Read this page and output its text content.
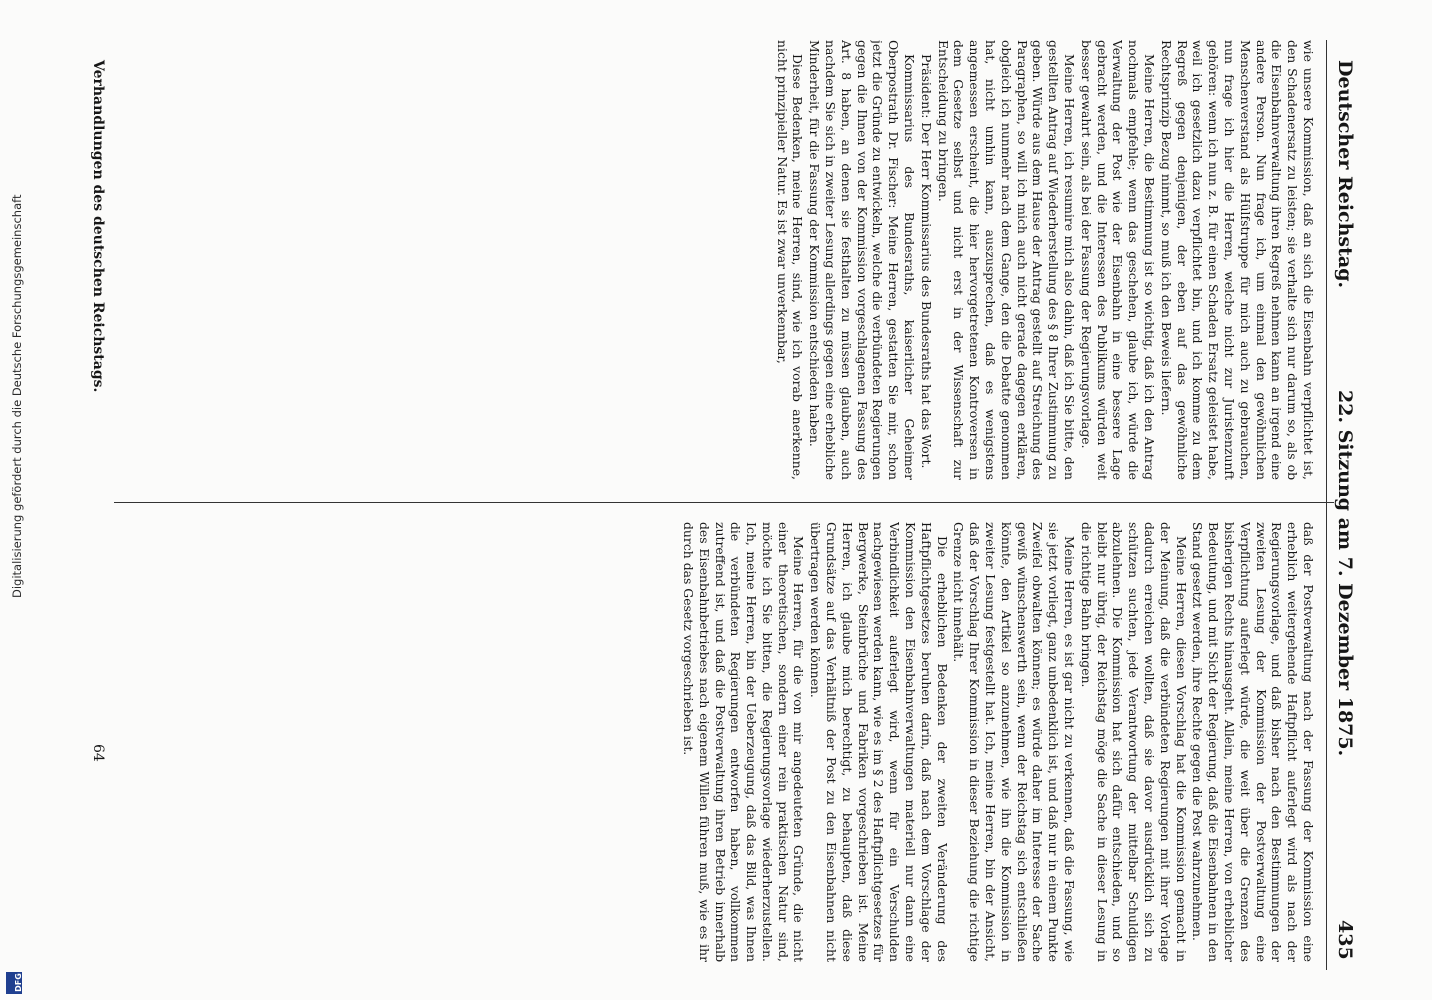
Deutscher Reichstag.
22. Sitzung am 7. Dezember 1875.
435

wie unsere Kommission, daß an sich die Eisenbahn verpflichtet ist, den Schadenersatz zu leisten; sie verhalte sich nur darum so, als ob die Eisenbahnverwaltung ihren Regreß nehmen kann an irgend eine andere Person. Nun frage ich, um einmal den gewöhnlichen Menschenverstand als Hülfstruppe für mich auch zu gebrauchen, nun frage ich hier die Herren, welche nicht zur Juristenzunft gehören: wenn ich nun z. B. für einen Schaden Ersatz geleistet habe, weil ich gesetzlich dazu verpflichtet bin, und ich komme zu dem Regreß gegen denjenigen, der eben auf das gewöhnliche Rechtsprinzip Bezug nimmt, so muß ich den Beweis liefern.

Meine Herren, die Bestimmung ist so wichtig, daß ich den Antrag nochmals empfehle; wenn das geschehen, glaube ich, würde die Verwaltung der Post wie der Eisenbahn in eine bessere Lage gebracht werden, und die Interessen des Publikums würden weit besser gewahrt sein, als bei der Fassung der Regierungsvorlage.

Meine Herren, ich resumire mich also dahin, daß ich Sie bitte, den gestellten Antrag auf Wiederherstellung des § 8 Ihrer Zustimmung zu geben. Würde aus dem Hause der Antrag gestellt auf Streichung des Paragraphen, so will ich mich auch nicht gerade dagegen erklären, obgleich ich nunmehr nach dem Gange, den die Debatte genommen hat, nicht umhin kann, auszusprechen, daß es wenigstens angemessen erscheint, die hier hervorgetretenen Kontroversen in dem Gesetze selbst und nicht erst in der Wissenschaft zur Entscheidung zu bringen.

Präsident: Der Herr Kommissarius des Bundesraths hat das Wort.

Kommissarius des Bundesraths, kaiserlicher Geheimer Oberpostrath Dr. Fischer: Meine Herren, gestatten Sie mir, schon jetzt die Gründe zu entwickeln, welche die verbündeten Regierungen gegen die Ihnen von der Kommission vorgeschlagenen Fassung des Art. 8 haben, an denen sie festhalten zu müssen glauben, auch nachdem Sie sich in zweiter Lesung allerdings gegen eine erhebliche Minderheit, für die Fassung der Kommission entschieden haben.

Diese Bedenken, meine Herren, sind, wie ich vorab anerkenne, nicht prinzipieller Natur. Es ist zwar unverkennbar,

daß der Postverwaltung nach der Fassung der Kommission eine erheblich weitergehende Haftpflicht auferlegt wird als nach der Regierungsvorlage, und daß bisher nach den Bestimmungen der zweiten Lesung der Kommission der Postverwaltung eine Verpflichtung auferlegt würde, die weit über die Grenzen des bisherigen Rechts hinausgeht. Allein, meine Herren, von erheblicher Bedeutung, und mit Sicht der Regierung, daß die Eisenbahnen in den Stand gesetzt werden, ihre Rechte gegen die Post wahrzunehmen.

Meine Herren, diesen Vorschlag hat die Kommission gemacht in der Meinung, daß die verbündeten Regierungen mit ihrer Vorlage dadurch erreichen wollten, daß sie davor ausdrücklich sich zu schützen suchten, jede Verantwortung der mittelbar Schuldigen abzulehnen. Die Kommission hat sich dafür entschieden, und so bleibt nur übrig, der Reichstag möge die Sache in dieser Lesung in die richtige Bahn bringen.

Meine Herren, es ist gar nicht zu verkennen, daß die Fassung, wie sie jetzt vorliegt, ganz unbedenklich ist, und daß nur in einem Punkte Zweifel obwalten können; es würde daher im Interesse der Sache gewiß wünschenswerth sein, wenn der Reichstag sich entschließen könnte, den Artikel so anzunehmen, wie ihn die Kommission in zweiter Lesung festgestellt hat. Ich, meine Herren, bin der Ansicht, daß der Vorschlag Ihrer Kommission in dieser Beziehung die richtige Grenze nicht innehält.

Die erheblichen Bedenken der zweiten Veränderung des Haftpflichtgesetzes beruhen darin, daß nach dem Vorschlage der Kommission den Eisenbahnverwaltungen materiell nur dann eine Verbindlichkeit auferlegt wird, wenn für ein Verschulden nachgewiesen werden kann, wie es im § 2 des Haftpflichtgesetzes für Bergwerke, Steinbrüche und Fabriken vorgeschrieben ist. Meine Herren, ich glaube mich berechtigt, zu behaupten, daß diese Grundsätze auf das Verhältniß der Post zu den Eisenbahnen nicht übertragen werden können.

Meine Herren, für die von mir angedeuteten Gründe, die nicht einer theoretischen, sondern einer rein praktischen Natur sind, möchte ich Sie bitten, die Regierungsvorlage wiederherzustellen. Ich, meine Herren, bin der Ueberzeugung, daß das Bild, was Ihnen die verbündeten Regierungen entworfen haben, vollkommen zutreffend ist, und daß die Postverwaltung ihren Betrieb innerhalb des Eisenbahnbetriebes nach eigenem Willen führen muß, wie es ihr durch das Gesetz vorgeschrieben ist.

Verhandlungen des deutschen Reichstags.
64
Digitalisierung gefördert durch die Deutsche Forschungsgemeinschaft
DFG
